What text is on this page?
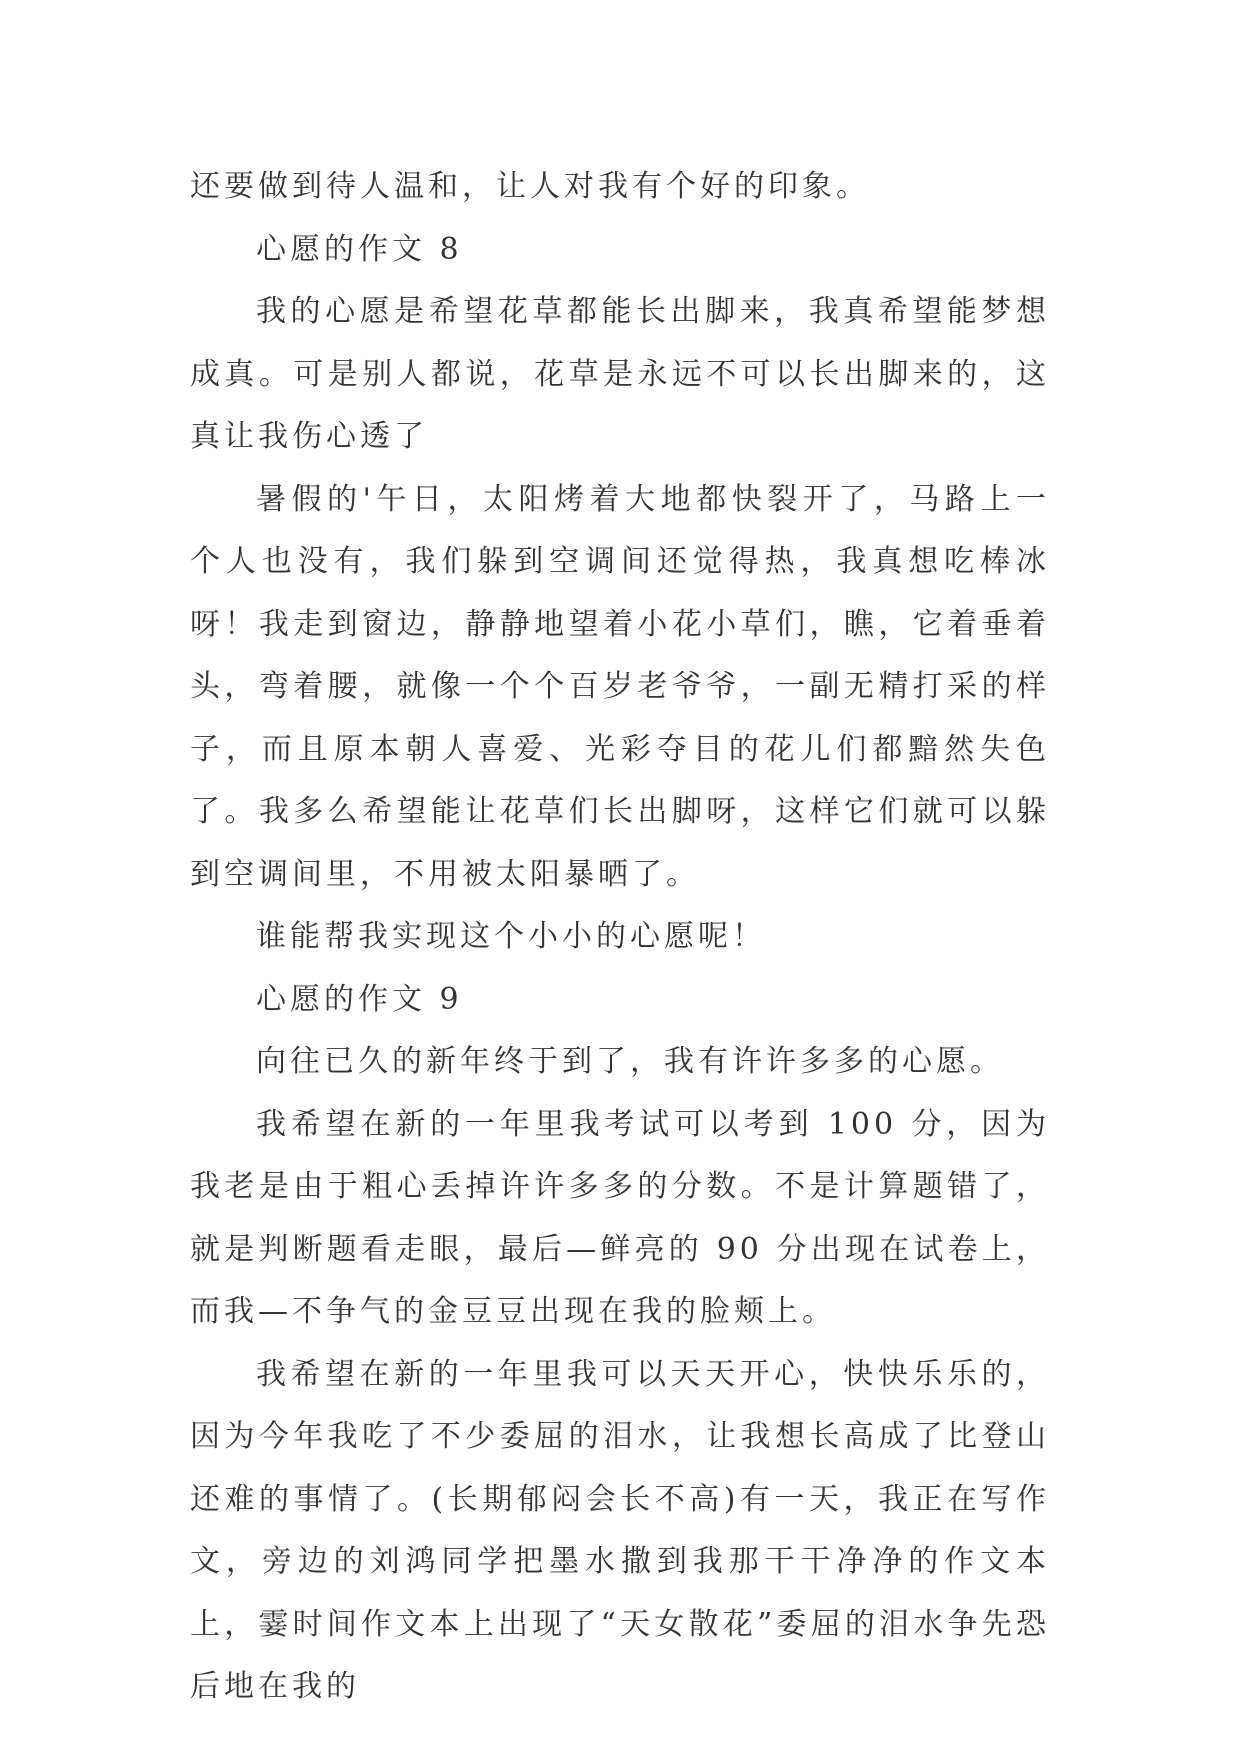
还要做到待人温和，让人对我有个好的印象。

心愿的作文 8

我的心愿是希望花草都能长出脚来，我真希望能梦想成真。可是别人都说，花草是永远不可以长出脚来的，这真让我伤心透了

暑假的'午日，太阳烤着大地都快裂开了，马路上一个人也没有，我们躲到空调间还觉得热，我真想吃棒冰呀！我走到窗边，静静地望着小花小草们，瞧，它着垂着头，弯着腰，就像一个个百岁老爷爷，一副无精打采的样子，而且原本朝人喜爱、光彩夺目的花儿们都黯然失色了。我多么希望能让花草们长出脚呀，这样它们就可以躲到空调间里，不用被太阳暴晒了。

谁能帮我实现这个小小的心愿呢！

心愿的作文 9

向往已久的新年终于到了，我有许许多多的心愿。

我希望在新的一年里我考试可以考到 100 分，因为我老是由于粗心丢掉许许多多的分数。不是计算题错了，就是判断题看走眼，最后—鲜亮的 90 分出现在试卷上，而我—不争气的金豆豆出现在我的脸颊上。

我希望在新的一年里我可以天天开心，快快乐乐的，因为今年我吃了不少委屈的泪水，让我想长高成了比登山还难的事情了。(长期郁闷会长不高)有一天，我正在写作文，旁边的刘鸿同学把墨水撒到我那干干净净的作文本上，霎时间作文本上出现了“天女散花”委屈的泪水争先恐后地在我的
